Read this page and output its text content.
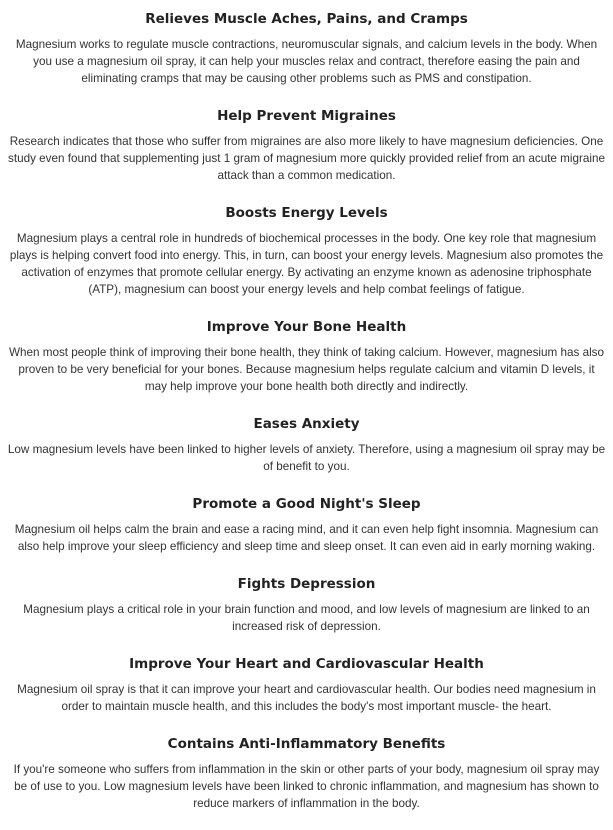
Relieves Muscle Aches, Pains, and Cramps

Magnesium works to regulate muscle contractions, neuromuscular signals, and calcium levels in the body. When you use a magnesium oil spray, it can help your muscles relax and contract, therefore easing the pain and eliminating cramps that may be causing other problems such as PMS and constipation.

Help Prevent Migraines

Research indicates that those who suffer from migraines are also more likely to have magnesium deficiencies. One study even found that supplementing just 1 gram of magnesium more quickly provided relief from an acute migraine attack than a common medication.

Boosts Energy Levels

Magnesium plays a central role in hundreds of biochemical processes in the body. One key role that magnesium plays is helping convert food into energy. This, in turn, can boost your energy levels. Magnesium also promotes the activation of enzymes that promote cellular energy. By activating an enzyme known as adenosine triphosphate (ATP), magnesium can boost your energy levels and help combat feelings of fatigue.

Improve Your Bone Health

When most people think of improving their bone health, they think of taking calcium. However, magnesium has also proven to be very beneficial for your bones. Because magnesium helps regulate calcium and vitamin D levels, it may help improve your bone health both directly and indirectly.

Eases Anxiety

Low magnesium levels have been linked to higher levels of anxiety. Therefore, using a magnesium oil spray may be of benefit to you.

Promote a Good Night's Sleep

Magnesium oil helps calm the brain and ease a racing mind, and it can even help fight insomnia. Magnesium can also help improve your sleep efficiency and sleep time and sleep onset. It can even aid in early morning waking.

Fights Depression

Magnesium plays a critical role in your brain function and mood, and low levels of magnesium are linked to an increased risk of depression.

Improve Your Heart and Cardiovascular Health

Magnesium oil spray is that it can improve your heart and cardiovascular health. Our bodies need magnesium in order to maintain muscle health, and this includes the body's most important muscle- the heart.

Contains Anti-Inflammatory Benefits

If you're someone who suffers from inflammation in the skin or other parts of your body, magnesium oil spray may be of use to you. Low magnesium levels have been linked to chronic inflammation, and magnesium has shown to reduce markers of inflammation in the body.
